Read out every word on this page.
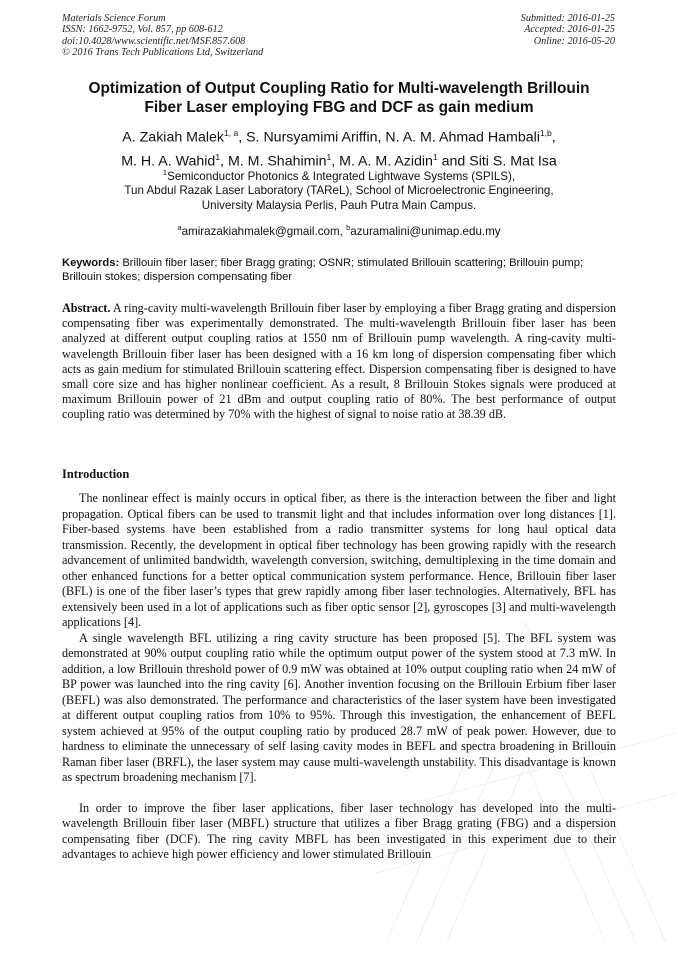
Materials Science Forum
ISSN: 1662-9752, Vol. 857, pp 608-612
doi:10.4028/www.scientific.net/MSF.857.608
© 2016 Trans Tech Publications Ltd, Switzerland
Submitted: 2016-01-25
Accepted: 2016-01-25
Online: 2016-05-20
Optimization of Output Coupling Ratio for Multi-wavelength Brillouin
Fiber Laser employing FBG and DCF as gain medium
A. Zakiah Malek$^{1, a}$, S. Nursyamimi Ariffin, N. A. M. Ahmad Hambali$^{1,b}$,
M. H. A. Wahid$^1$, M. M. Shahimin$^1$, M. A. M. Azidin$^1$ and Siti S. Mat Isa
$^1$Semiconductor Photonics & Integrated Lightwave Systems (SPILS),
Tun Abdul Razak Laser Laboratory (TAReL), School of Microelectronic Engineering,
University Malaysia Perlis, Pauh Putra Main Campus.
$^a$amirazakiahmalek@gmail.com, $^b$azuramalini@unimap.edu.my
Keywords: Brillouin fiber laser; fiber Bragg grating; OSNR; stimulated Brillouin scattering; Brillouin pump; Brillouin stokes; dispersion compensating fiber
Abstract. A ring-cavity multi-wavelength Brillouin fiber laser by employing a fiber Bragg grating and dispersion compensating fiber was experimentally demonstrated. The multi-wavelength Brillouin fiber laser has been analyzed at different output coupling ratios at 1550 nm of Brillouin pump wavelength. A ring-cavity multi-wavelength Brillouin fiber laser has been designed with a 16 km long of dispersion compensating fiber which acts as gain medium for stimulated Brillouin scattering effect. Dispersion compensating fiber is designed to have small core size and has higher nonlinear coefficient. As a result, 8 Brillouin Stokes signals were produced at maximum Brillouin power of 21 dBm and output coupling ratio of 80%. The best performance of output coupling ratio was determined by 70% with the highest of signal to noise ratio at 38.39 dB.
Introduction

The nonlinear effect is mainly occurs in optical fiber, as there is the interaction between the fiber and light propagation. Optical fibers can be used to transmit light and that includes information over long distances [1]. Fiber-based systems have been established from a radio transmitter systems for long haul optical data transmission. Recently, the development in optical fiber technology has been growing rapidly with the research advancement of unlimited bandwidth, wavelength conversion, switching, demultiplexing in the time domain and other enhanced functions for a better optical communication system performance. Hence, Brillouin fiber laser (BFL) is one of the fiber laser’s types that grew rapidly among fiber laser technologies. Alternatively, BFL has extensively been used in a lot of applications such as fiber optic sensor [2], gyroscopes [3] and multi-wavelength applications [4].

A single wavelength BFL utilizing a ring cavity structure has been proposed [5]. The BFL system was demonstrated at 90% output coupling ratio while the optimum output power of the system stood at 7.3 mW. In addition, a low Brillouin threshold power of 0.9 mW was obtained at 10% output coupling ratio when 24 mW of BP power was launched into the ring cavity [6]. Another invention focusing on the Brillouin Erbium fiber laser (BEFL) was also demonstrated. The performance and characteristics of the laser system have been investigated at different output coupling ratios from 10% to 95%. Through this investigation, the enhancement of BEFL system achieved at 95% of the output coupling ratio by produced 28.7 mW of peak power. However, due to hardness to eliminate the unnecessary of self lasing cavity modes in BEFL and spectra broadening in Brillouin Raman fiber laser (BRFL), the laser system may cause multi-wavelength unstability. This disadvantage is known as spectrum broadening mechanism [7].

In order to improve the fiber laser applications, fiber laser technology has developed into the multi-wavelength Brillouin fiber laser (MBFL) structure that utilizes a fiber Bragg grating (FBG) and a dispersion compensating fiber (DCF). The ring cavity MBFL has been investigated in this experiment due to their advantages to achieve high power efficiency and lower stimulated Brillouin
